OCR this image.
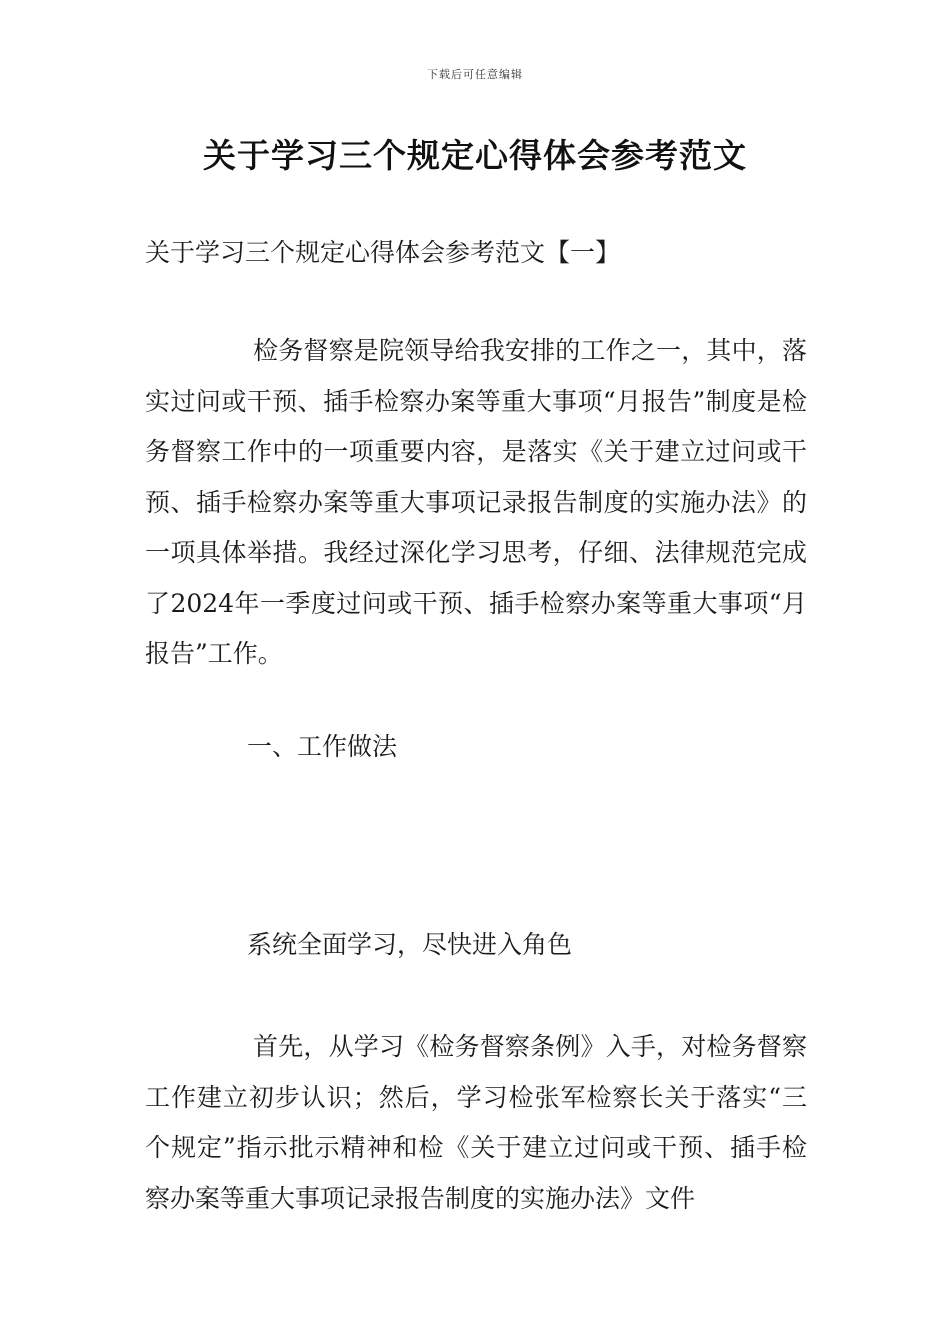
下载后可任意编辑
关于学习三个规定心得体会参考范文

关于学习三个规定心得体会参考范文【一】

检务督察是院领导给我安排的工作之一，其中，落实过问或干预、插手检察办案等重大事项“月报告”制度是检务督察工作中的一项重要内容，是落实《关于建立过问或干预、插手检察办案等重大事项记录报告制度的实施办法》的一项具体举措。我经过深化学习思考，仔细、法律规范完成了2024年一季度过问或干预、插手检察办案等重大事项“月报告”工作。

一、工作做法

系统全面学习，尽快进入角色

首先，从学习《检务督察条例》入手，对检务督察工作建立初步认识；然后，学习检张军检察长关于落实“三个规定”指示批示精神和检《关于建立过问或干预、插手检察办案等重大事项记录报告制度的实施办法》文件
